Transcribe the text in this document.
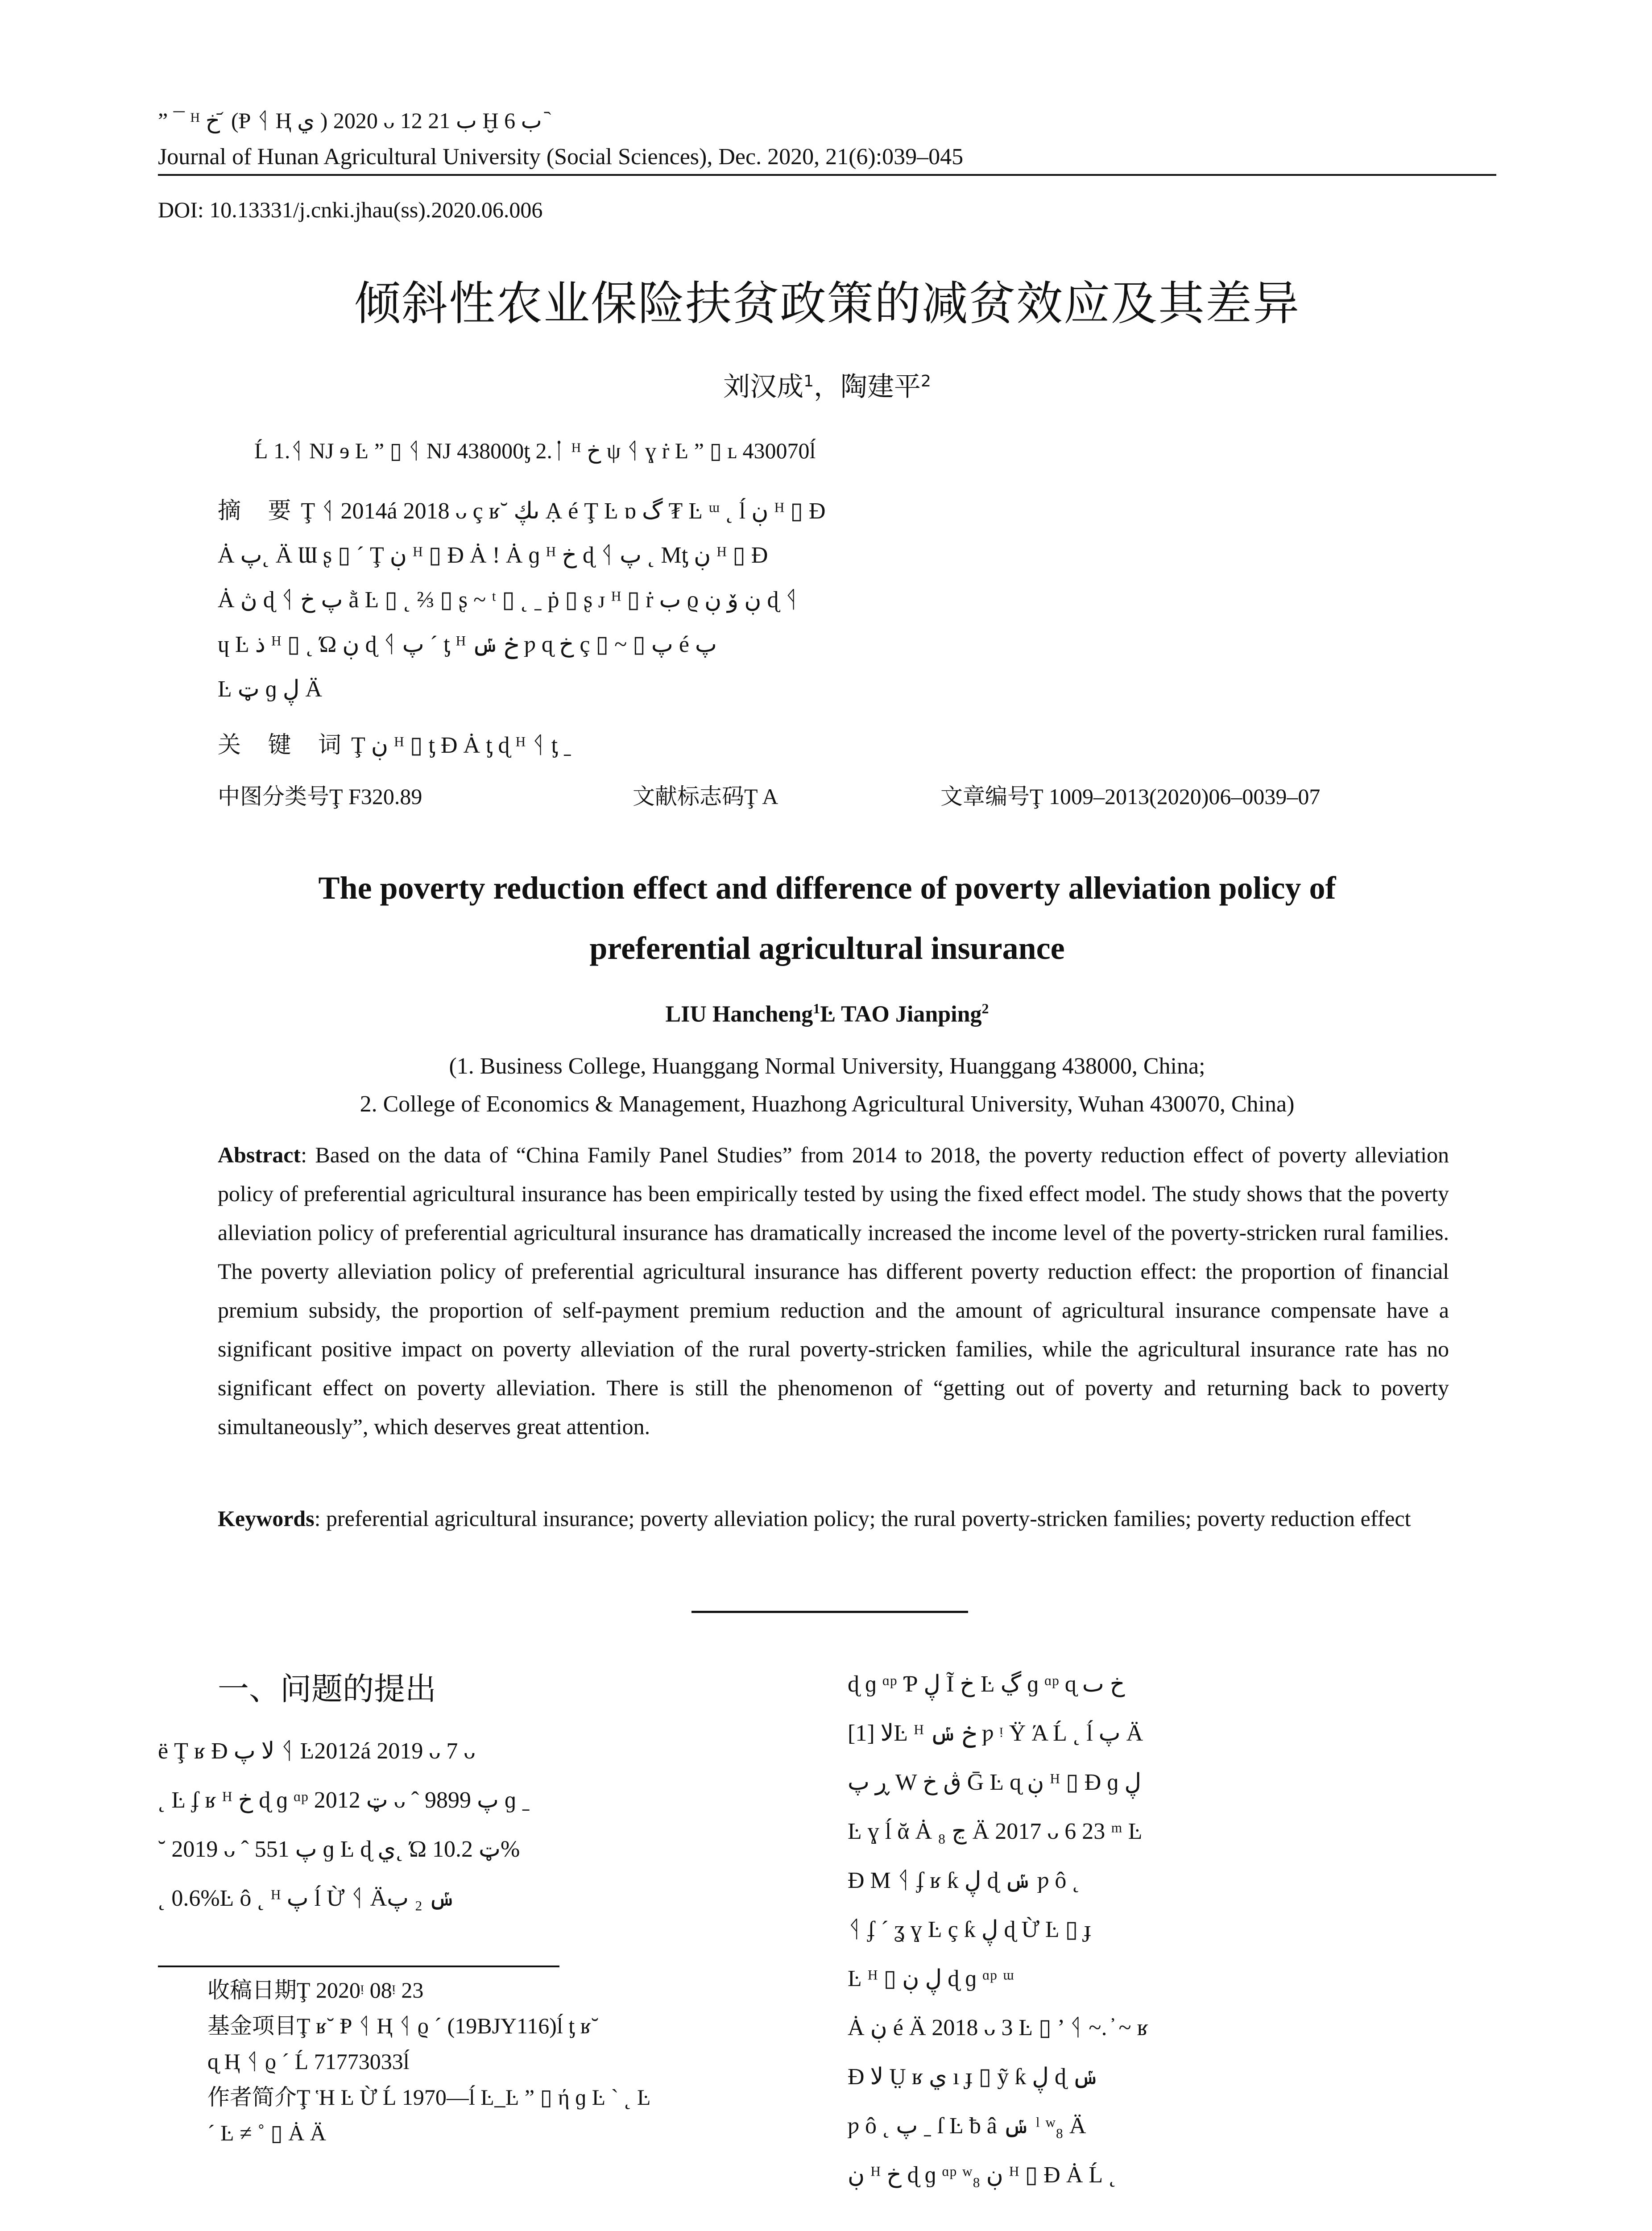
” ¯ ᴴ خ ᷄ (Ᵽ ᛩ Ⱨ ي ) 2020 ᴗ 12 ب 21 Ḫ ب 6 ᷆
Journal of Hunan Agricultural University (Social Sciences), Dec. 2020, 21(6):039–045
DOI: 10.13331/j.cnki.jhau(ss).2020.06.006
倾斜性农业保险扶贫政策的减贫效应及其差异
刘汉成$^1$，陶建平$^2$
Ĺ 1.ᛩ Ǌ ɘ Ŀ ” ▯ ᛩ Ǌ 438000ƫ 2.ᛙ ᴴ خ ψ ᛩ ɣ ṙ Ŀ ” ▯ ʟ 430070ĺ
摘 要Ţ ᛩ 2014á 2018 ᴗ ç ʁ˘ ىڮ Ạ é Ţ Ŀ ɒ گ ₮ Ŀ ᵚ ˛ ĺ ڹ ᴴ ▯ Đ
Ȧ پ˛ Ä Ɯ ʂ ▯ ˊ Ţ ڹ ᴴ ▯ Đ Ȧ ǃ Ȧ ɡ ᴴ خ ɖ ᛩ پ ˛ Mƫ ڹ ᴴ ▯ Đ
Ȧ ڽ ɖ ᛩ پ خ ằ Ŀ ▯ ˛ ⅔ ▯ ʂ ~ ᵗ ▯ ˛ ˍ ṗ ▯ ʂ ᴊ ᴴ ▯ ṙ ب ϱ ڹ ۆ ڹ ɖ ᛩ
ɥ Ŀ ذ ᴴ ▯ ˛ Ώ ڹ ɖ ᛩ پ ´ ƫ ᴴ خ ݽ ƿ ɋ خ ç ▯ ~ ▯ پ é پ
Ŀ ټ ɡ ڸ Ä
关 键 词Ţ ڹ ᴴ ▯ ƫ Đ Ȧ ƫ ɖ ᴴ ᛩ ƫ ˍ
中图分类号Ţ F320.89	文献标志码Ţ A	文章编号Ţ 1009–2013(2020)06–0039–07
The poverty reduction effect and difference of poverty alleviation policy of
preferential agricultural insurance
LIU Hancheng$^1$Ŀ TAO Jianping$^2$
(1. Business College, Huanggang Normal University, Huanggang 438000, China;
2. College of Economics & Management, Huazhong Agricultural University, Wuhan 430070, China)
Abstract: Based on the data of “China Family Panel Studies” from 2014 to 2018, the poverty reduction effect of poverty alleviation policy of preferential agricultural insurance has been empirically tested by using the fixed effect model. The study shows that the poverty alleviation policy of preferential agricultural insurance has dramatically increased the income level of the poverty-stricken rural families. The poverty alleviation policy of preferential agricultural insurance has different poverty reduction effect: the proportion of financial premium subsidy, the proportion of self-payment premium reduction and the amount of agricultural insurance compensate have a significant positive impact on poverty alleviation of the rural poverty-stricken families, while the agricultural insurance rate has no significant effect on poverty alleviation. There is still the phenomenon of “getting out of poverty and returning back to poverty simultaneously”, which deserves great attention.
Keywords: preferential agricultural insurance; poverty alleviation policy; the rural poverty-stricken families; poverty reduction effect
一、问题的提出
ë Ţ ʁ Đ ﻻ پ ᛩ Ŀ2012á 2019 ᴗ 7 ᴗ
˛ Ŀ ʄ ʁ ᴴ خ ɖ ɡ ᵅᵖ ټ 2012 ᴗ ˆ پ 9899 ɡ ˍ
˘ 2019 ᴗ ˆ پ 551 ɡ Ŀ ɖ ﻱ˛ Ώ ټ 10.2%
˛ 0.6%Ŀ ô ˛ ᴴ پ ĺ Ừ ᛩ Äݽ ₂ پ
收稿日期Ţ 2020ᵎ 08ᵎ 23
基金项目Ţ ʁ˘ Ᵽ ᛩ Ⱨ ᛩ ϱ ´ (19BJY116)ĺ ƫ ʁ˘
ɋ Ⱨ ᛩ ϱ ´ Ĺ 71773033ĺ
作者简介Ţ Ἡ Ŀ Ừ Ĺ 1970—ĺ Ŀ ̲ Ŀ ” ▯ ή ɡ Ŀ ˋ ˛ Ŀ
´ Ŀ ≠ ˚ ▯ Ȧ Ä
ɖ ɡ ᵅᵖ Ƥ ڸ Ĩ خ Ŀ ڲ ɡ ᵅᵖ ɋ خ ٮ
ﻻ [1]Ŀ ᴴ خ ݽ ƿ ᵎ Ÿ Ά Ĺ ˛ ĺ پ Ä
ڕ پ W ڨ خ Ḡ Ŀ ɋ ڹ ᴴ ▯ Đ ɡ ڸ
Ŀ ɣ ĺ ᾰ Ȧ ڃ ₈ Ä 2017 ᴗ 6 23 ᵐ Ŀ
Ɖ M ᛩ ʄ ʁ ƙ ڸ ɖ ݽ ƿ ô ˛
ᛩ ʄ ˊ ʓ ɣ Ŀ ç ƙ ڸ ɖ Ừ Ŀ ▯ ɟ
Ŀ ᴴ ▯ ڸ ڹ ɖ ɡ ᵅᵖ ᵚ
Ȧ ڹ é Ä 2018 ᴗ 3 Ŀ ▯ ’ ᛩ ~. ̓ ~ ʁ
Đ ﻻ Ṳ ʁ ﻱ ı ɟ ▯ ỹ ƙ ڸ ɖ ݽ
ƿ ô ˛ پ ˍ ſ Ŀ ƀ â ݽ ˡ ʷ₈ Ä
ڹ ᴴ خ ɖ ɡ ᵅᵖ ʷ₈ ڹ ᴴ ▯ Đ Ȧ Ĺ ˛
